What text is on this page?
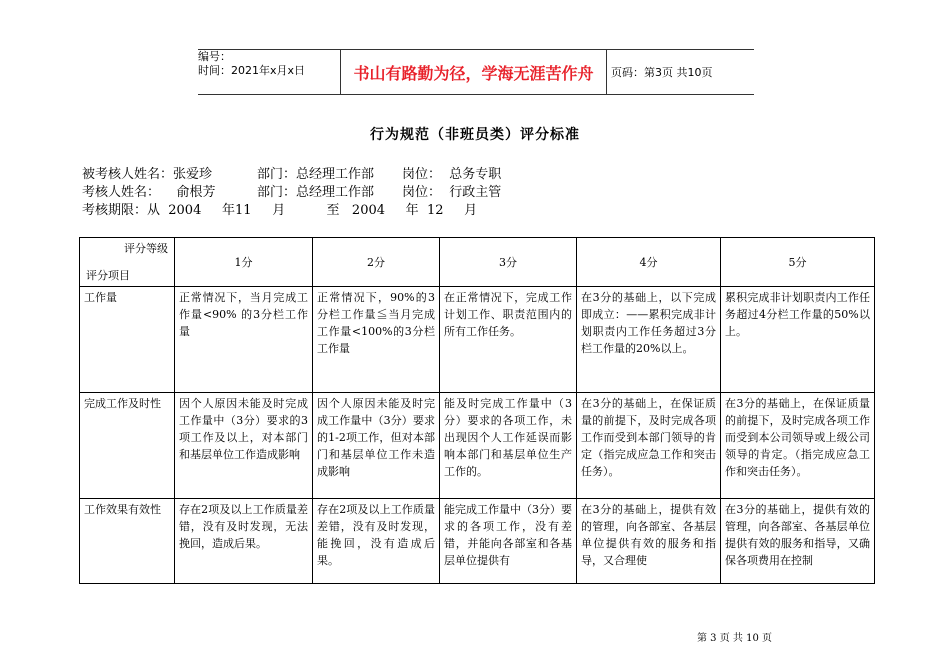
编号：
时间：2021年x月x日	书山有路勤为径，学海无涯苦作舟	页码：第3页 共10页
行为规范（非班员类）评分标准
被考核人姓名：张爱珍	部门：总经理工作部	岗位：  总务专职
考核人姓名：    俞根芳	部门：总经理工作部	岗位：  行政主管
考核期限：从  2004     年11     月          至   2004     年  12     月
评分等级
评分项目	1分	2分	3分	4分	5分
工作量	正常情况下，当月完成工作量<90% 的3分栏工作量	正常情况下，90%的3分栏工作量≦当月完成工作量<100%的3分栏工作量	在正常情况下，完成工作计划工作、职责范围内的所有工作任务。	在3分的基础上，以下完成即成立：——累积完成非计划职责内工作任务超过3分栏工作量的20%以上。	累积完成非计划职责内工作任务超过4分栏工作量的50%以上。
完成工作及时性	因个人原因未能及时完成工作量中（3分）要求的3项工作及以上，对本部门和基层单位工作造成影响	因个人原因未能及时完成工作量中（3分）要求的1-2项工作，但对本部门和基层单位工作未造成影响	能及时完成工作量中（3分）要求的各项工作，未出现因个人工作延误而影响本部门和基层单位生产工作的。	在3分的基础上，在保证质量的前提下，及时完成各项工作而受到本部门领导的肯定（指完成应急工作和突击任务）。	在3分的基础上，在保证质量的前提下，及时完成各项工作而受到本公司领导或上级公司领导的肯定。（指完成应急工作和突击任务）。
工作效果有效性	存在2项及以上工作质量差错，没有及时发现，无法挽回，造成后果。	存在2项及以上工作质量差错，没有及时发现，能挽回，没有造成后果。	能完成工作量中（3分）要求的各项工作，没有差错，并能向各部室和各基层单位提供有	在3分的基础上，提供有效的管理，向各部室、各基层单位提供有效的服务和指导，又合理使	在3分的基础上，提供有效的管理，向各部室、各基层单位提供有效的服务和指导，又确保各项费用在控制
第 3 页 共 10 页
